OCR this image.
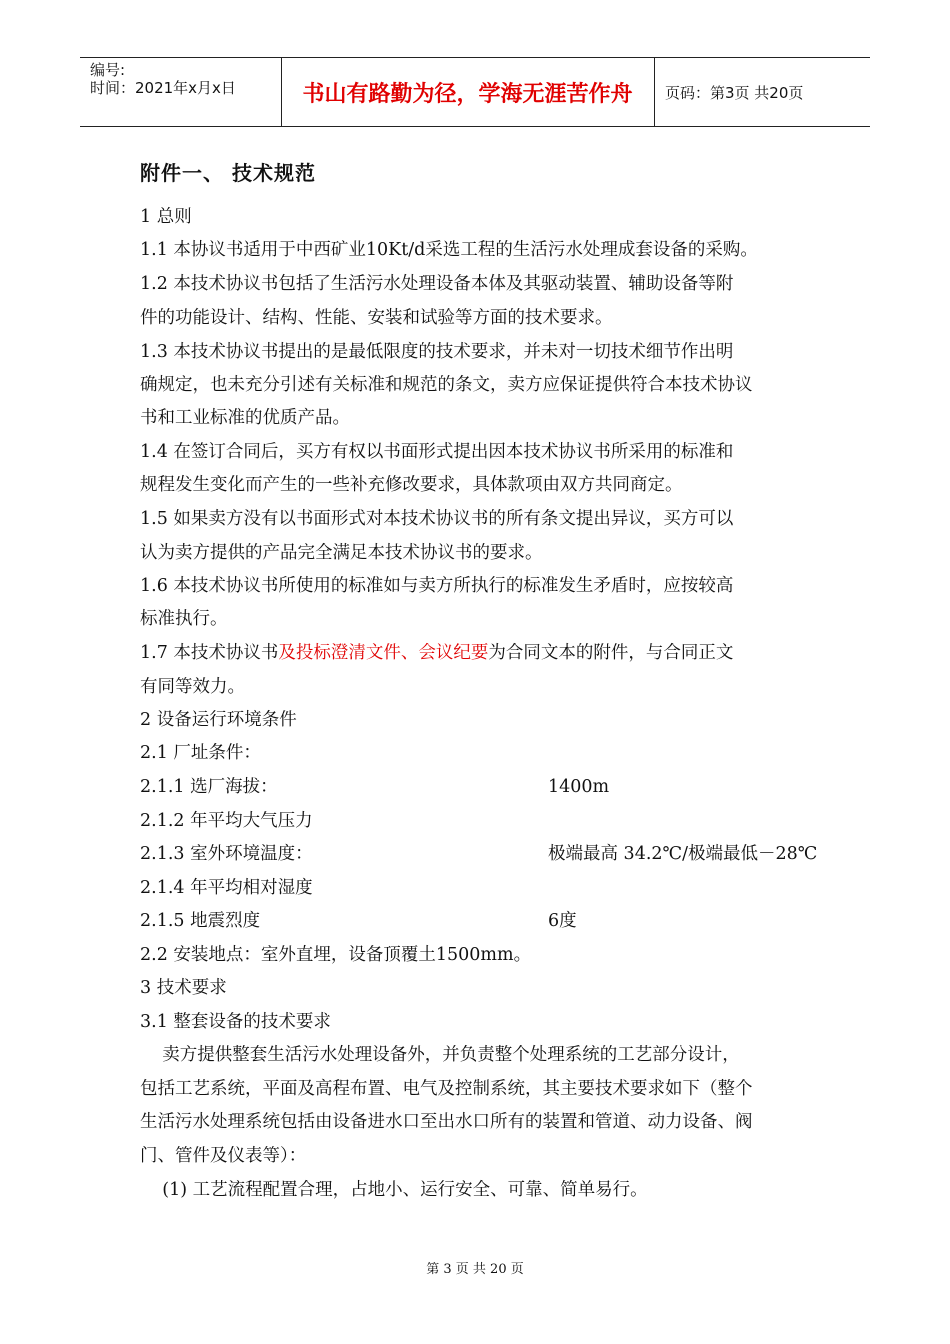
编号:
时间：2021年x月x日	书山有路勤为径，学海无涯苦作舟	页码：第3页 共20页
附件一、 技术规范
1 总则
1.1 本协议书适用于中西矿业10Kt/d采选工程的生活污水处理成套设备的采购。
1.2 本技术协议书包括了生活污水处理设备本体及其驱动装置、辅助设备等附
件的功能设计、结构、性能、安装和试验等方面的技术要求。
1.3 本技术协议书提出的是最低限度的技术要求，并未对一切技术细节作出明
确规定，也未充分引述有关标准和规范的条文，卖方应保证提供符合本技术协议
书和工业标准的优质产品。
1.4 在签订合同后，买方有权以书面形式提出因本技术协议书所采用的标准和
规程发生变化而产生的一些补充修改要求，具体款项由双方共同商定。
1.5 如果卖方没有以书面形式对本技术协议书的所有条文提出异议，买方可以
认为卖方提供的产品完全满足本技术协议书的要求。
1.6 本技术协议书所使用的标准如与卖方所执行的标准发生矛盾时，应按较高
标准执行。
1.7 本技术协议书及投标澄清文件、会议纪要为合同文本的附件，与合同正文
有同等效力。
2 设备运行环境条件
2.1 厂址条件：
2.1.1 选厂海拔：	1400m
2.1.2 年平均大气压力
2.1.3 室外环境温度：	极端最高 34.2℃/极端最低－28℃
2.1.4 年平均相对湿度
2.1.5 地震烈度	6度
2.2 安装地点：室外直埋，设备顶覆土1500mm。
3 技术要求
3.1 整套设备的技术要求
卖方提供整套生活污水处理设备外，并负责整个处理系统的工艺部分设计，
包括工艺系统，平面及高程布置、电气及控制系统，其主要技术要求如下（整个
生活污水处理系统包括由设备进水口至出水口所有的装置和管道、动力设备、阀
门、管件及仪表等）：
(1) 工艺流程配置合理，占地小、运行安全、可靠、简单易行。
第 3 页 共 20 页
